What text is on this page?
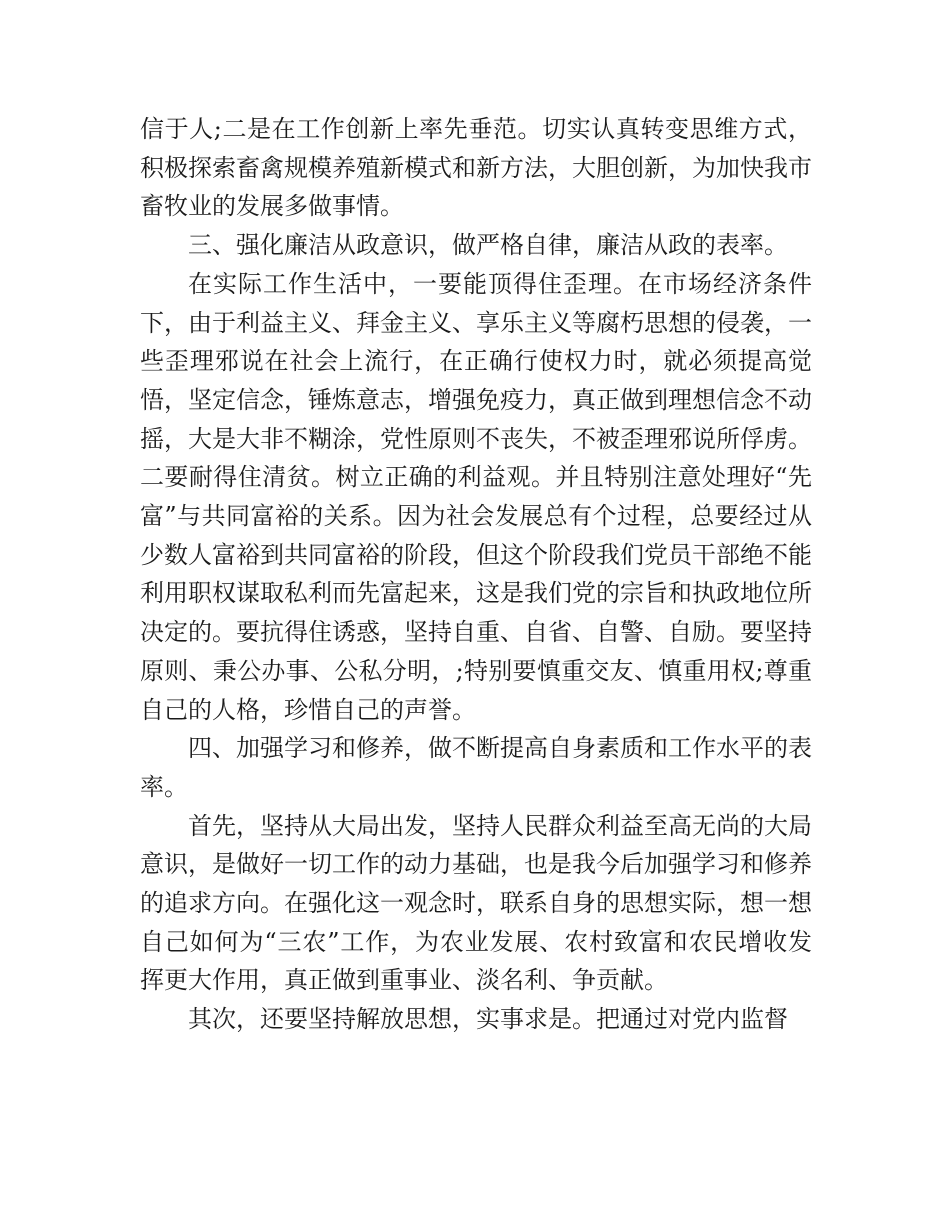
信于人;二是在工作创新上率先垂范。切实认真转变思维方式，积极探索畜禽规模养殖新模式和新方法，大胆创新，为加快我市畜牧业的发展多做事情。

三、强化廉洁从政意识，做严格自律，廉洁从政的表率。

在实际工作生活中，一要能顶得住歪理。在市场经济条件下，由于利益主义、拜金主义、享乐主义等腐朽思想的侵袭，一些歪理邪说在社会上流行，在正确行使权力时，就必须提高觉悟，坚定信念，锤炼意志，增强免疫力，真正做到理想信念不动摇，大是大非不糊涂，党性原则不丧失，不被歪理邪说所俘虏。二要耐得住清贫。树立正确的利益观。并且特别注意处理好“先富”与共同富裕的关系。因为社会发展总有个过程，总要经过从少数人富裕到共同富裕的阶段，但这个阶段我们党员干部绝不能利用职权谋取私利而先富起来，这是我们党的宗旨和执政地位所决定的。要抗得住诱惑，坚持自重、自省、自警、自励。要坚持原则、秉公办事、公私分明，;特别要慎重交友、慎重用权;尊重自己的人格，珍惜自己的声誉。

四、加强学习和修养，做不断提高自身素质和工作水平的表率。

首先，坚持从大局出发，坚持人民群众利益至高无尚的大局意识，是做好一切工作的动力基础，也是我今后加强学习和修养的追求方向。在强化这一观念时，联系自身的思想实际，想一想自己如何为“三农”工作，为农业发展、农村致富和农民增收发挥更大作用，真正做到重事业、淡名利、争贡献。

其次，还要坚持解放思想，实事求是。把通过对党内监督
